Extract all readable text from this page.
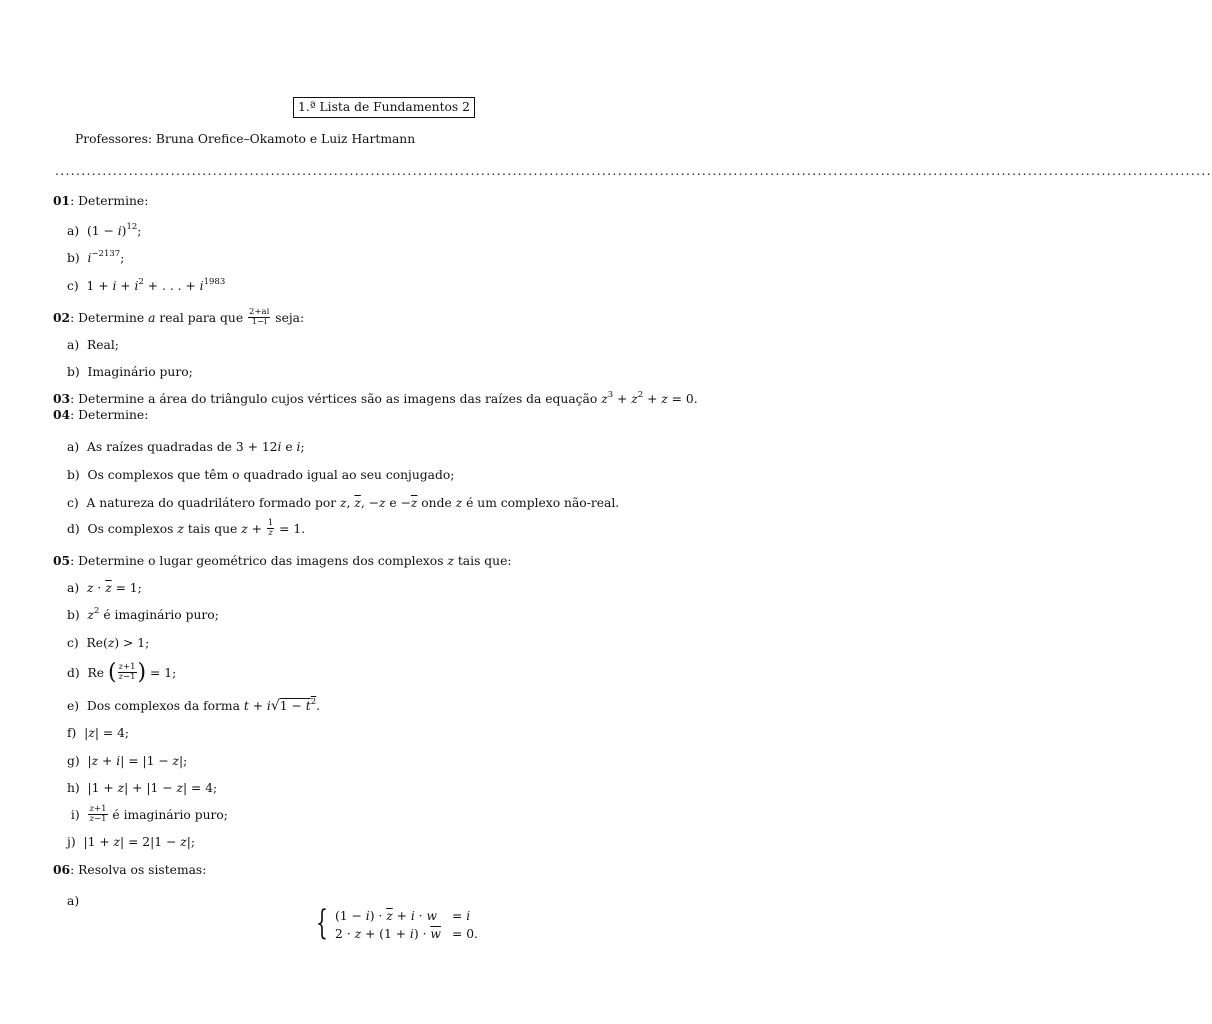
1.ª Lista de Fundamentos 2
Professores: Bruna Orefice–Okamoto e Luiz Hartmann
............................................................................................................................................................................................................................
01: Determine:
a)  $(1 - i)^{12}$;
b) $i^{-2137}$;
c)  $1 + i + i^2$ + . . . + $i^{1983}$
02: Determine a real para que $\frac{2+ai}{1-i}$ seja:
a) Real;
b) Imaginário puro;
03: Determine a área do triângulo cujos vértices são as imagens das raízes da equação $z^3 + z^2 + z = 0$.
04: Determine:
a) As raízes quadradas de 3 + 12i e i;
b) Os complexos que têm o quadrado igual ao seu conjugado;
c) A natureza do quadrilátero formado por z, $\overline{z}$, −z $e -\overline{z}$ onde z é um complexo não-real.
d) Os complexos z tais que $z + \frac{1}{z} = 1$.
05: Determine o lugar geométrico das imagens dos complexos z tais que:
a) $z \cdot \overline{z} = 1$;
b) $z^2$ é imaginário puro;
c)  Re(z) > 1;
d)  Re ( $\frac{z+1}{z-1}$ ) = 1;
e) Dos complexos da forma $t + i√1 - t^2$.
f)  |z| = 4;
g)  |z + i| = |1 − z|;
h)  |1 + z| + |1 − z| = 4;
$i) \frac{z+1}{z-1}$ é imaginário puro;
j)  |1 + z| = 2|1 − z|;
06: Resolva os sistemas:
a)
{ $(1 - i) \cdot \overline{z} + i \cdot w = i$
$2 \cdot z + (1 + i) \cdot \overline{w} = 0$.
